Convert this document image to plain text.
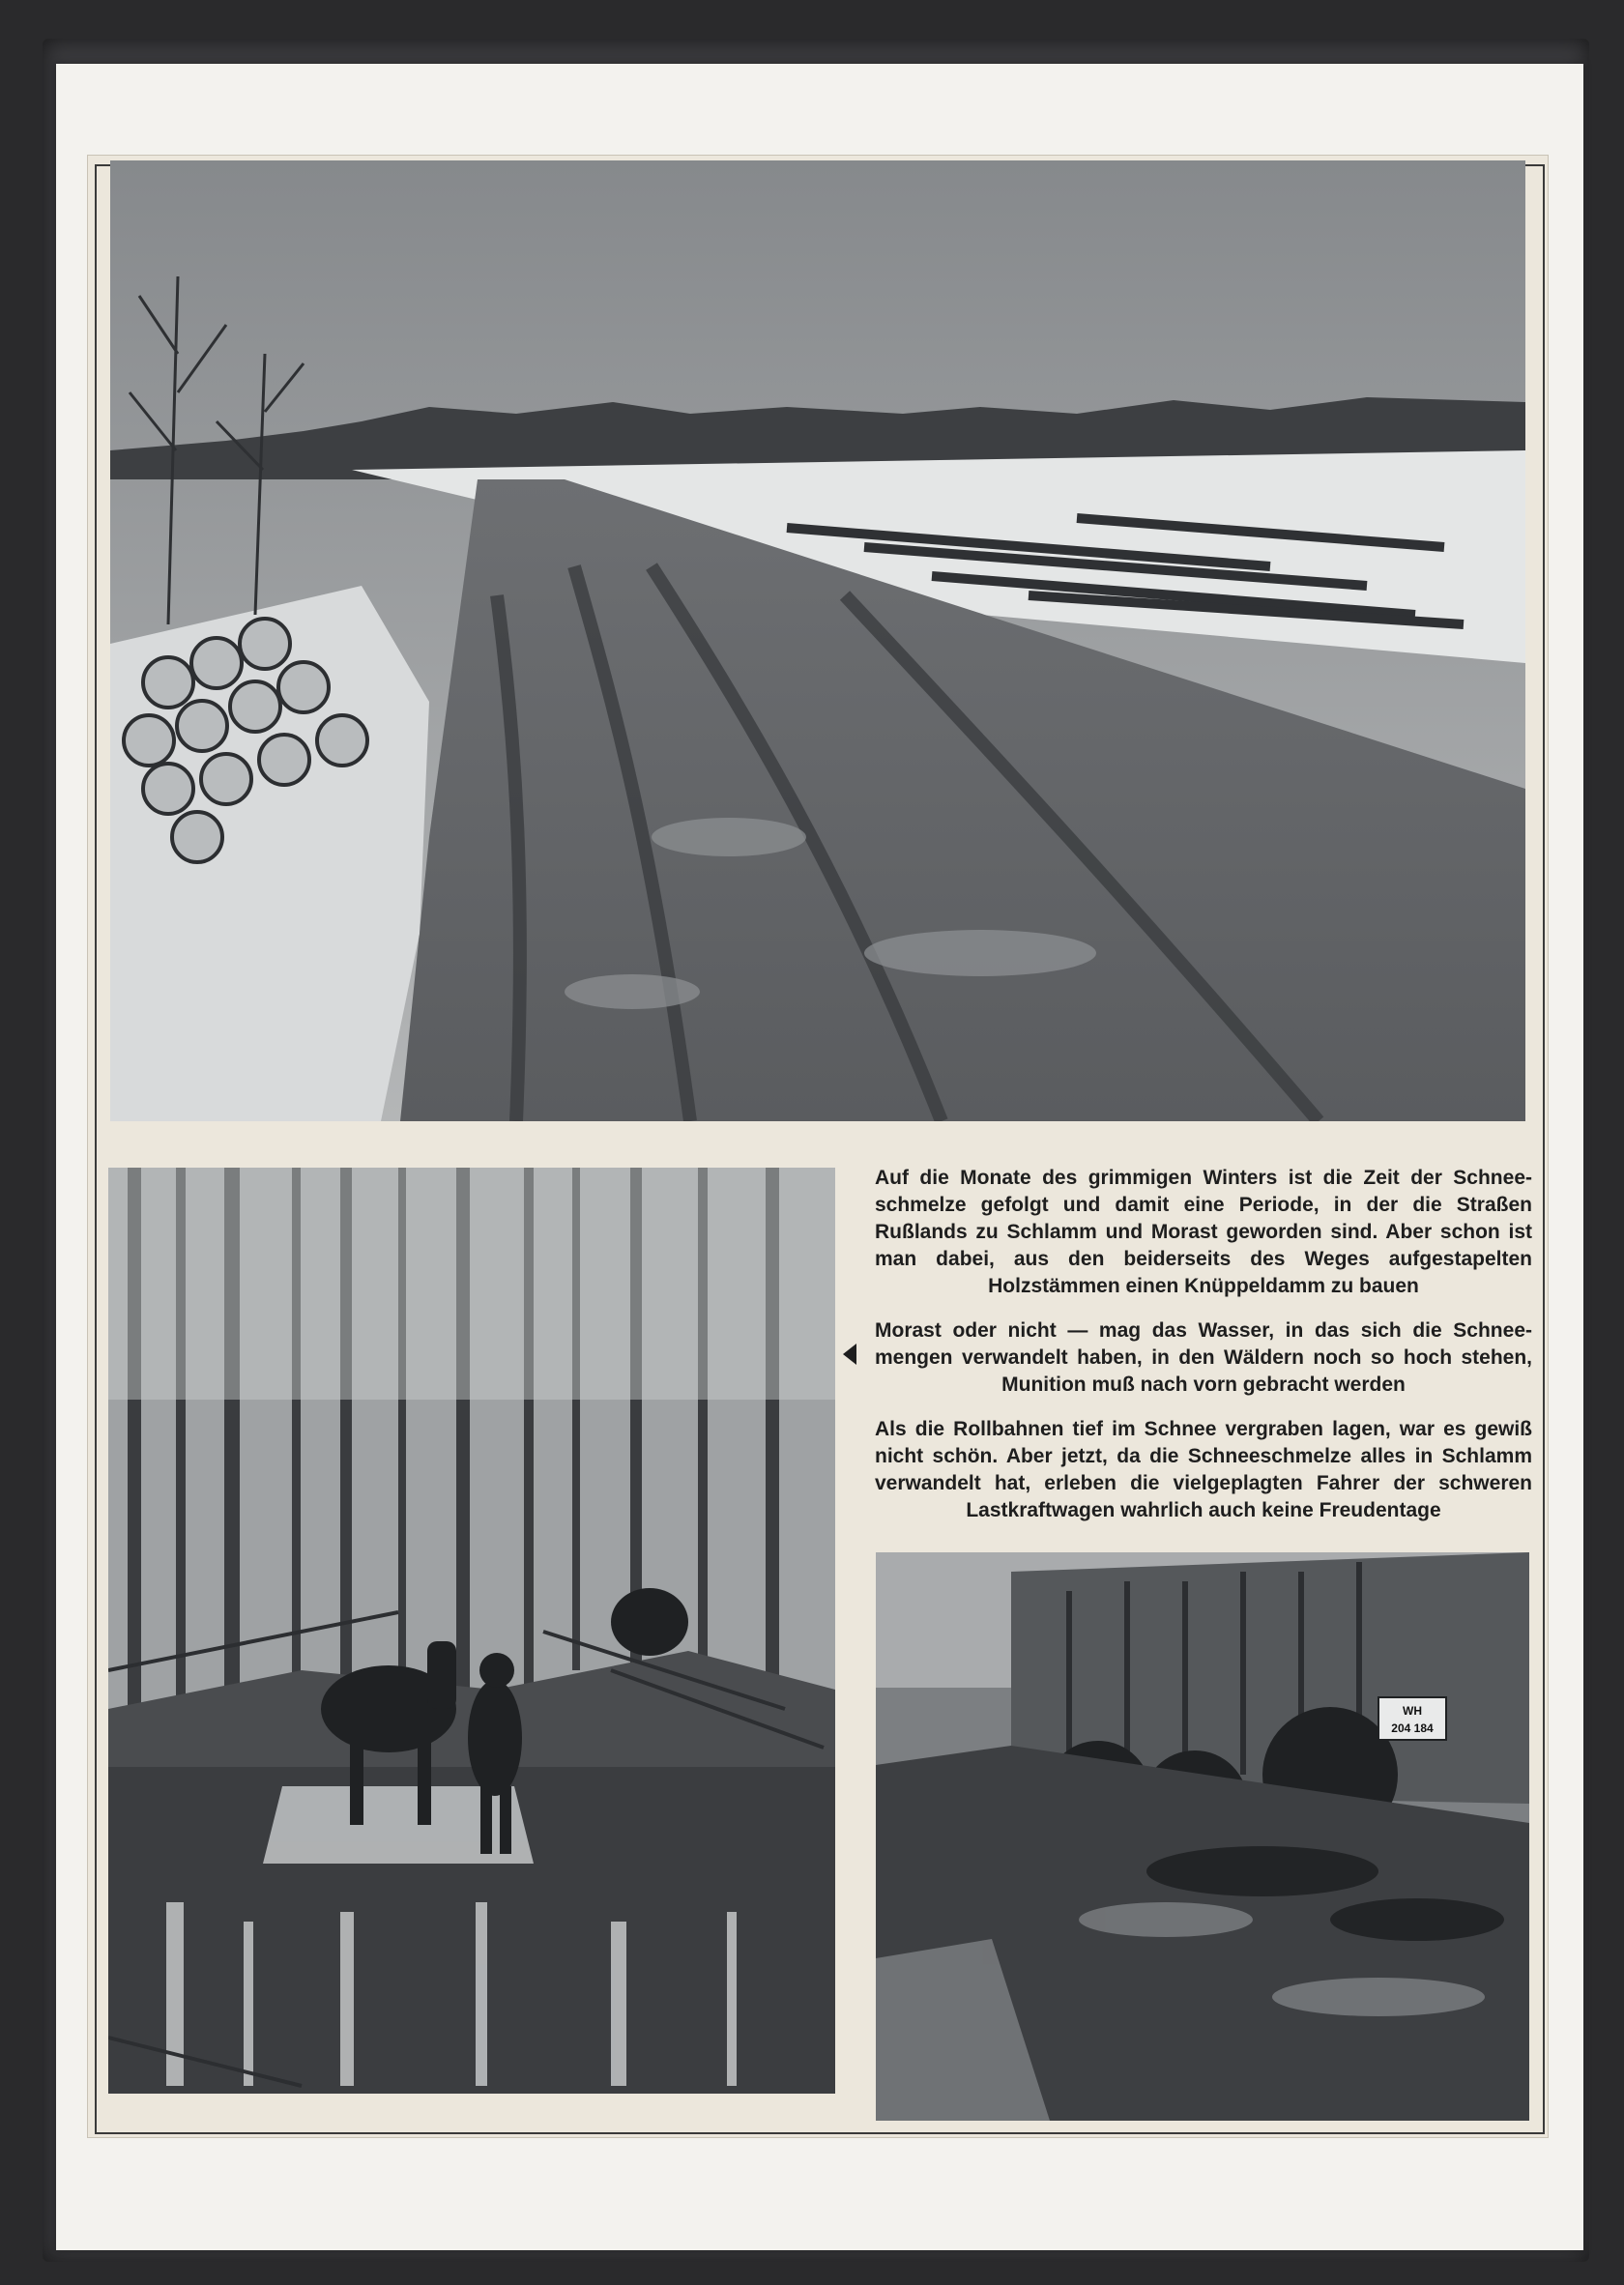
Auf die Monate des grimmigen Winters ist die Zeit der Schneeschmelze gefolgt und damit eine Periode, in der die Straßen Rußlands zu Schlamm und Morast geworden sind. Aber schon ist man dabei, aus den beiderseits des Weges aufgestapelten Holzstämmen einen Knüppeldamm zu bauen

Morast oder nicht — mag das Wasser, in das sich die Schneemengen verwandelt haben, in den Wäldern noch so hoch stehen, Munition muß nach vorn gebracht werden

Als die Rollbahnen tief im Schnee vergraben lagen, war es gewiß nicht schön. Aber jetzt, da die Schneeschmelze alles in Schlamm verwandelt hat, erleben die vielgeplagten Fahrer der schweren Lastkraftwagen wahrlich auch keine Freudentage

WH
204 184
